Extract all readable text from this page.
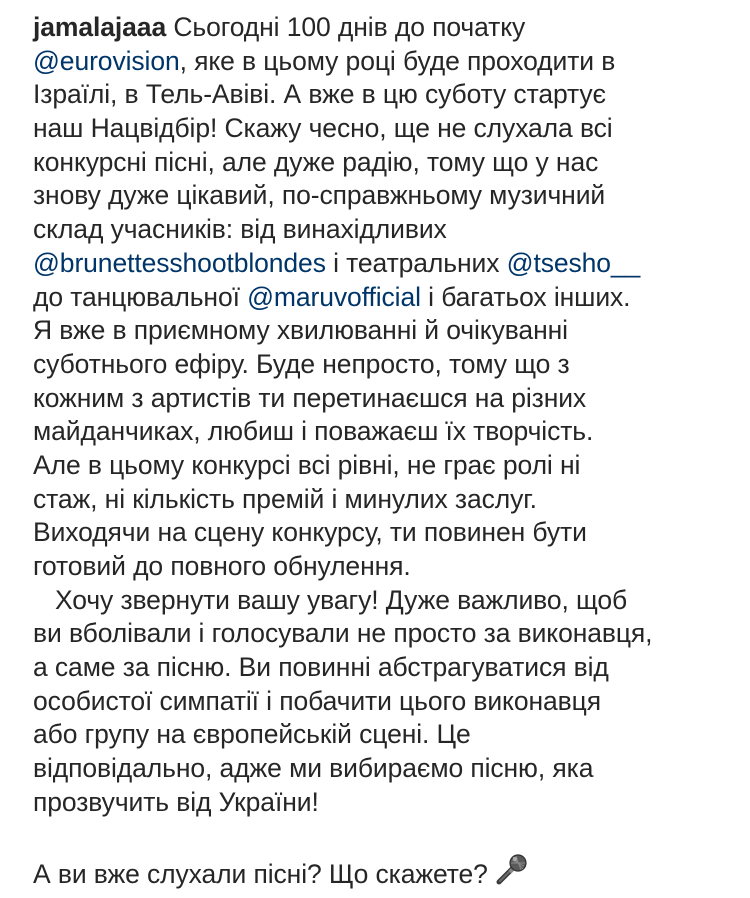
jamalajaaa Сьогодні 100 днів до початку
@eurovision, яке в цьому році буде проходити в
Ізраїлі, в Тель-Авіві. А вже в цю суботу стартує
наш Нацвідбір! Скажу чесно, ще не слухала всі
конкурсні пісні, але дуже радію, тому що у нас
знову дуже цікавий, по-справжньому музичний
склад учасників: від винахідливих
@brunettesshootblondes і театральних @tsesho__
до танцювальної @maruvofficial і багатьох інших.
Я вже в приємному хвилюванні й очікуванні
суботнього ефіру. Буде непросто, тому що з
кожним з артистів ти перетинаєшся на різних
майданчиках, любиш і поважаєш їх творчість.
Але в цьому конкурсі всі рівні, не грає ролі ні
стаж, ні кількість премій і минулих заслуг.
Виходячи на сцену конкурсу, ти повинен бути
готовий до повного обнулення.
Хочу звернути вашу увагу! Дуже важливо, щоб
ви вболівали і голосували не просто за виконавця,
а саме за пісню. Ви повинні абстрагуватися від
особистої симпатії і побачити цього виконавця
або групу на європейській сцені. Це
відповідально, адже ми вибираємо пісню, яка
прозвучить від України!
А ви вже слухали пісні? Що скажете?
